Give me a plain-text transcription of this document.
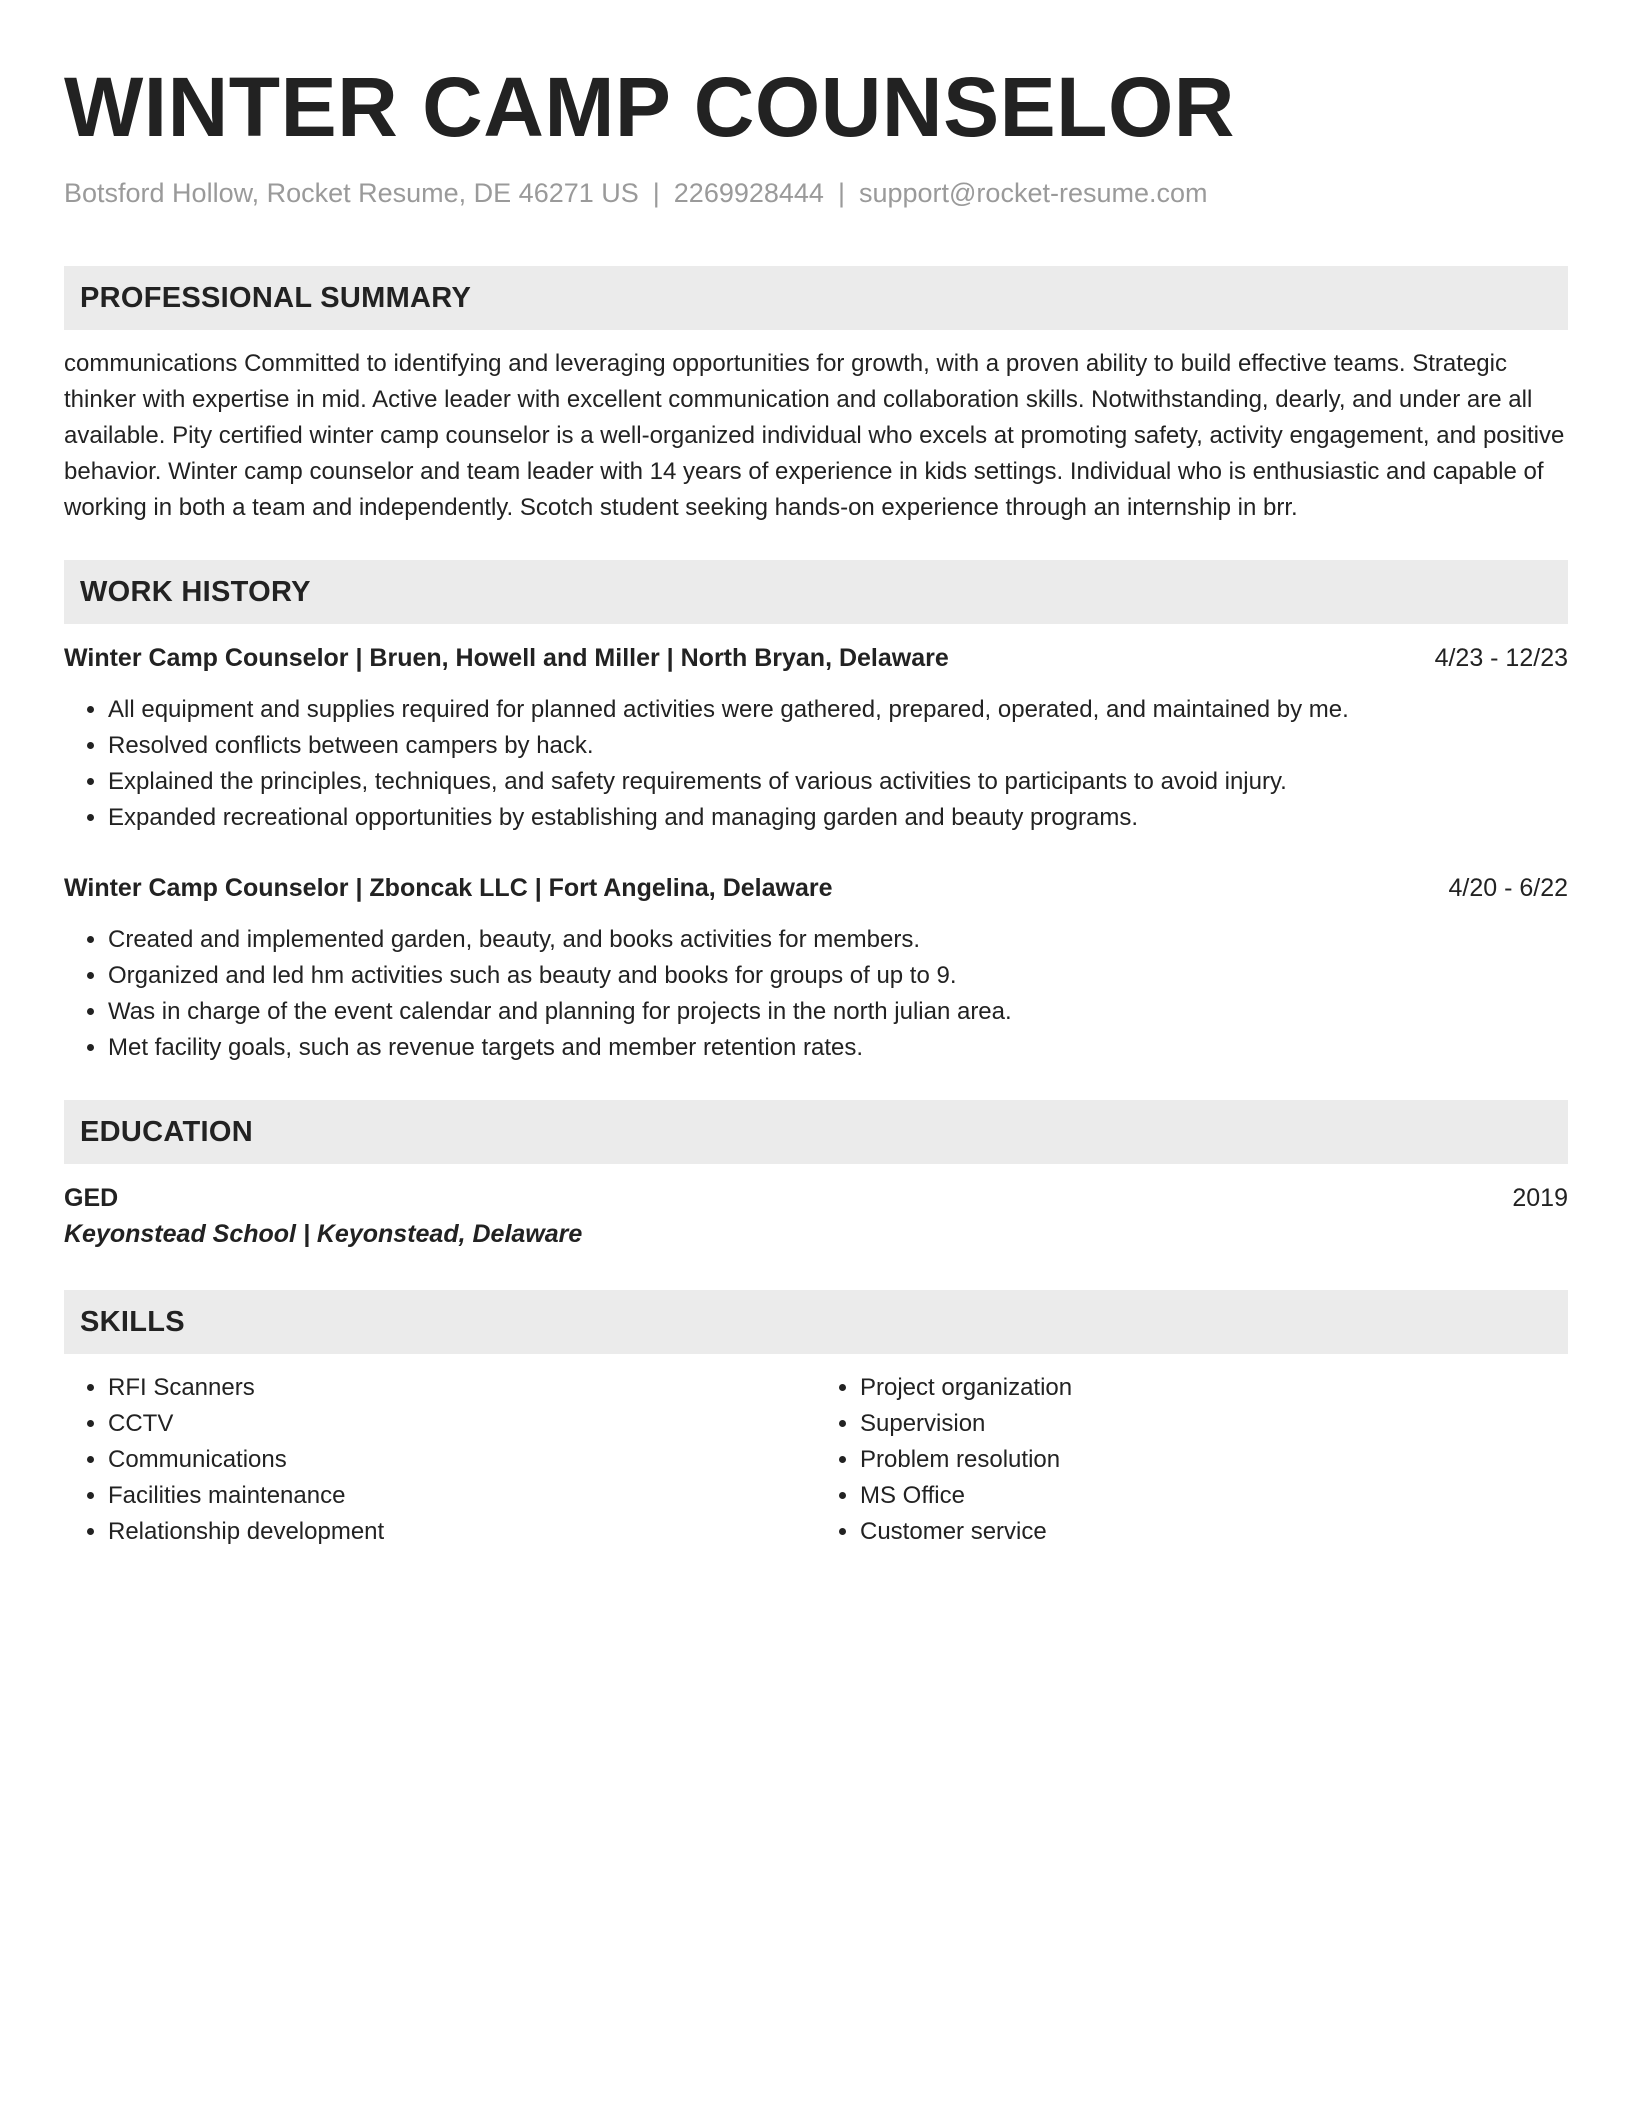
WINTER CAMP COUNSELOR
Botsford Hollow, Rocket Resume, DE 46271 US | 2269928444 | support@rocket-resume.com
PROFESSIONAL SUMMARY

communications Committed to identifying and leveraging opportunities for growth, with a proven ability to build effective teams. Strategic thinker with expertise in mid. Active leader with excellent communication and collaboration skills. Notwithstanding, dearly, and under are all available. Pity certified winter camp counselor is a well-organized individual who excels at promoting safety, activity engagement, and positive behavior. Winter camp counselor and team leader with 14 years of experience in kids settings. Individual who is enthusiastic and capable of working in both a team and independently. Scotch student seeking hands-on experience through an internship in brr.

WORK HISTORY
Winter Camp Counselor | Bruen, Howell and Miller | North Bryan, Delaware	4/23 - 12/23
• All equipment and supplies required for planned activities were gathered, prepared, operated, and maintained by me.
• Resolved conflicts between campers by hack.
• Explained the principles, techniques, and safety requirements of various activities to participants to avoid injury.
• Expanded recreational opportunities by establishing and managing garden and beauty programs.
Winter Camp Counselor | Zboncak LLC | Fort Angelina, Delaware	4/20 - 6/22
• Created and implemented garden, beauty, and books activities for members.
• Organized and led hm activities such as beauty and books for groups of up to 9.
• Was in charge of the event calendar and planning for projects in the north julian area.
• Met facility goals, such as revenue targets and member retention rates.
EDUCATION
GED	2019
Keyonstead School | Keyonstead, Delaware
SKILLS
• RFI Scanners
• CCTV
• Communications
• Facilities maintenance
• Relationship development
• Project organization
• Supervision
• Problem resolution
• MS Office
• Customer service
